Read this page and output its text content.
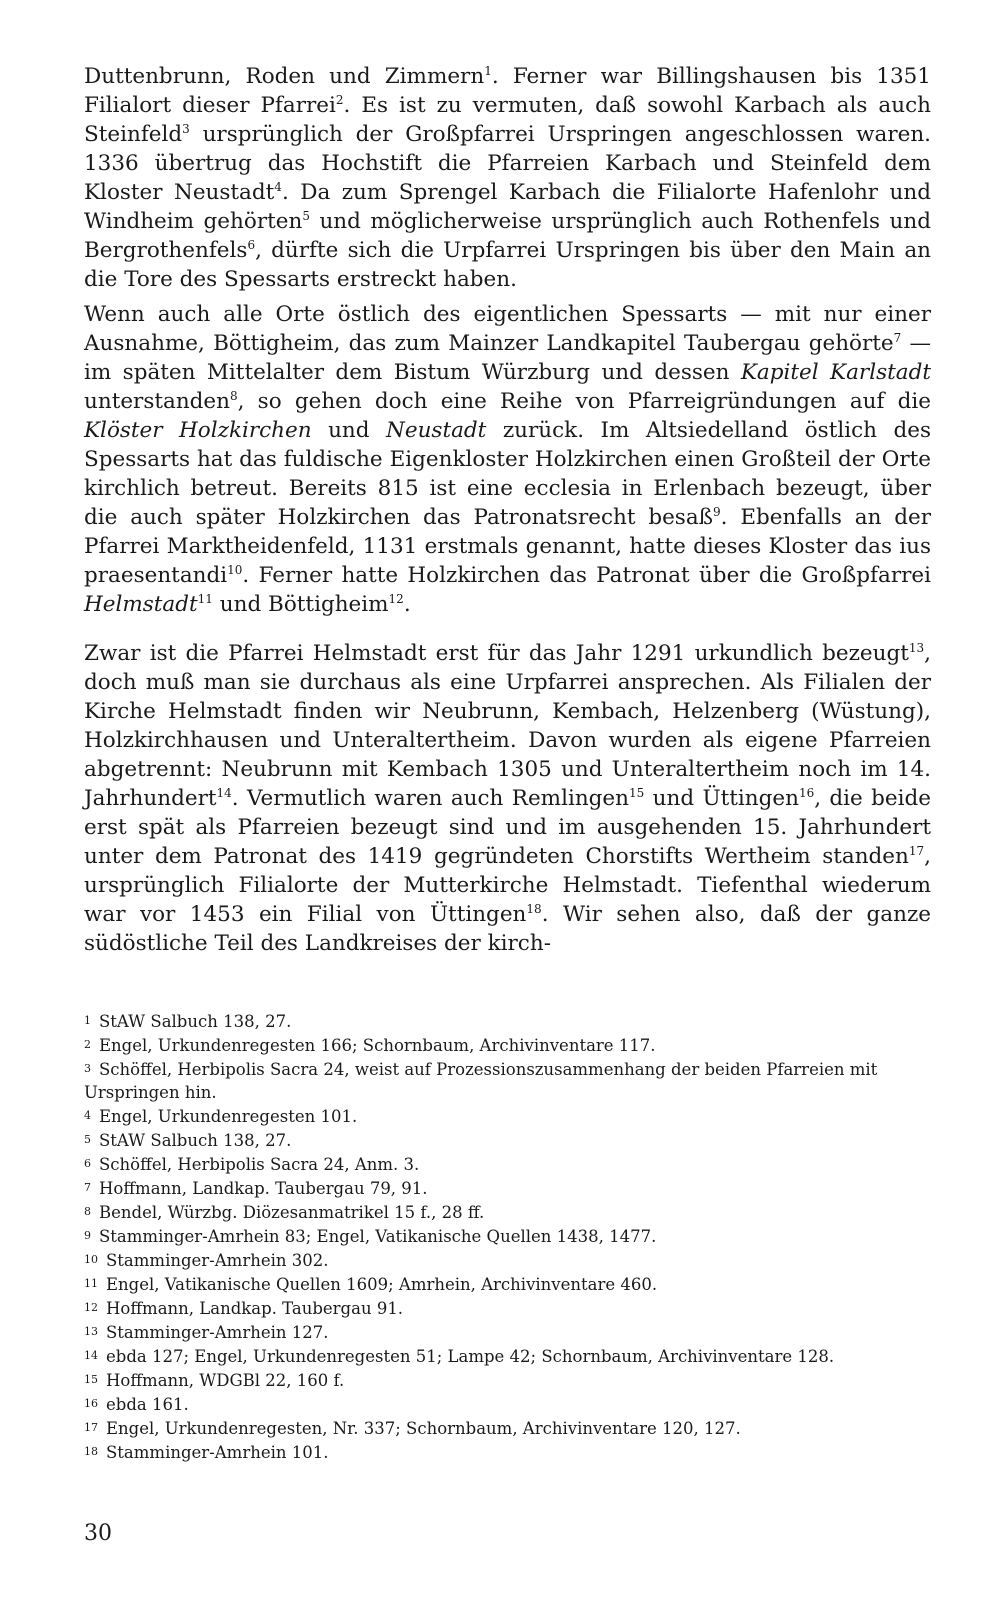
Duttenbrunn, Roden und Zimmern$^1$. Ferner war Billingshausen bis 1351 Filialort dieser Pfarrei$^2$. Es ist zu vermuten, daß sowohl Karbach als auch Steinfeld$^3$ ursprünglich der Großpfarrei Urspringen angeschlossen waren. 1336 übertrug das Hochstift die Pfarreien Karbach und Steinfeld dem Kloster Neustadt$^4$. Da zum Sprengel Karbach die Filialorte Hafenlohr und Windheim gehörten$^5$ und möglicherweise ursprünglich auch Rothenfels und Bergrothenfels$^6$, dürfte sich die Urpfarrei Urspringen bis über den Main an die Tore des Spessarts erstreckt haben.

Wenn auch alle Orte östlich des eigentlichen Spessarts — mit nur einer Ausnahme, Böttigheim, das zum Mainzer Landkapitel Taubergau gehörte$^7$ — im späten Mittelalter dem Bistum Würzburg und dessen Kapitel Karlstadt unterstanden$^8$, so gehen doch eine Reihe von Pfarreigründungen auf die Klöster Holzkirchen und Neustadt zurück. Im Altsiedelland östlich des Spessarts hat das fuldische Eigenkloster Holzkirchen einen Großteil der Orte kirchlich betreut. Bereits 815 ist eine ecclesia in Erlenbach bezeugt, über die auch später Holzkirchen das Patronatsrecht besaß$^9$. Ebenfalls an der Pfarrei Marktheidenfeld, 1131 erstmals genannt, hatte dieses Kloster das ius praesentandi$^{10}$. Ferner hatte Holzkirchen das Patronat über die Großpfarrei Helmstadt$^{11}$ und Böttigheim$^{12}$.

Zwar ist die Pfarrei Helmstadt erst für das Jahr 1291 urkundlich bezeugt$^{13}$, doch muß man sie durchaus als eine Urpfarrei ansprechen. Als Filialen der Kirche Helmstadt finden wir Neubrunn, Kembach, Helzenberg (Wüstung), Holzkirchhausen und Unteraltertheim. Davon wurden als eigene Pfarreien abgetrennt: Neubrunn mit Kembach 1305 und Unteraltertheim noch im 14. Jahrhundert$^{14}$. Vermutlich waren auch Remlingen$^{15}$ und Üttingen$^{16}$, die beide erst spät als Pfarreien bezeugt sind und im ausgehenden 15. Jahrhundert unter dem Patronat des 1419 gegründeten Chorstifts Wertheim standen$^{17}$, ursprünglich Filialorte der Mutterkirche Helmstadt. Tiefenthal wiederum war vor 1453 ein Filial von Üttingen$^{18}$. Wir sehen also, daß der ganze südöstliche Teil des Landkreises der kirch-

1 StAW Salbuch 138, 27.
2 Engel, Urkundenregesten 166; Schornbaum, Archivinventare 117.
3 Schöffel, Herbipolis Sacra 24, weist auf Prozessionszusammenhang der beiden Pfarreien mit Urspringen hin.
4 Engel, Urkundenregesten 101.
5 StAW Salbuch 138, 27.
6 Schöffel, Herbipolis Sacra 24, Anm. 3.
7 Hoffmann, Landkap. Taubergau 79, 91.
8 Bendel, Würzbg. Diözesanmatrikel 15 f., 28 ff.
9 Stamminger-Amrhein 83; Engel, Vatikanische Quellen 1438, 1477.
10 Stamminger-Amrhein 302.
11 Engel, Vatikanische Quellen 1609; Amrhein, Archivinventare 460.
12 Hoffmann, Landkap. Taubergau 91.
13 Stamminger-Amrhein 127.
14 ebda 127; Engel, Urkundenregesten 51; Lampe 42; Schornbaum, Archivinventare 128.
15 Hoffmann, WDGBl 22, 160 f.
16 ebda 161.
17 Engel, Urkundenregesten, Nr. 337; Schornbaum, Archivinventare 120, 127.
18 Stamminger-Amrhein 101.
30
